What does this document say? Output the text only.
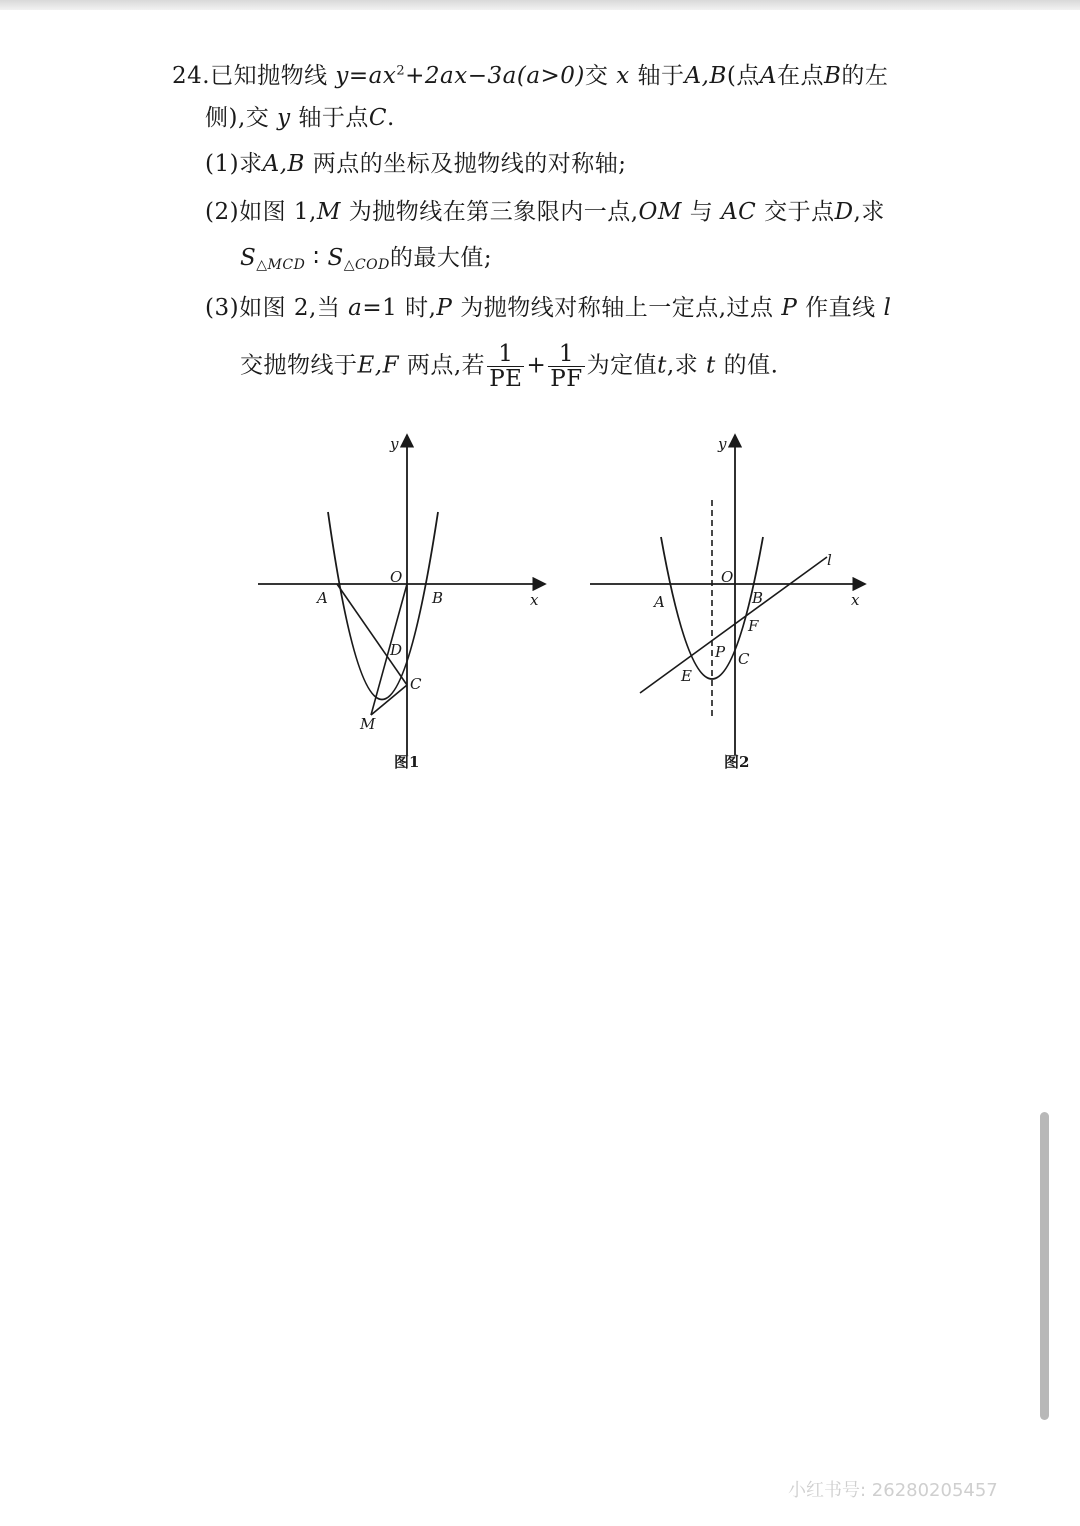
24.已知抛物线 $y=ax^2+2ax-3a(a>0)$交 x 轴于A,B(点A在点B的左
侧),交 y 轴于点C.
(1)求A,B 两点的坐标及抛物线的对称轴;
(2)如图 1,M 为抛物线在第三象限内一点,OM 与 AC 交于点D,求
$S_{\triangle MCD}$ ∶ $S_{\triangle COD}$的最大值;
(3)如图 2,当 a=1 时,P 为抛物线对称轴上一定点,过点 P 作直线 l
交抛物线于E,F 两点,若 $\frac{1}{PE} + \frac{1}{PF}$ 为定值t,求 t 的值.
y
O
A	B	x
D
C
M
图1
y
O
A	B	x
l
F
P C
E
图2
小红书号: 26280205457
